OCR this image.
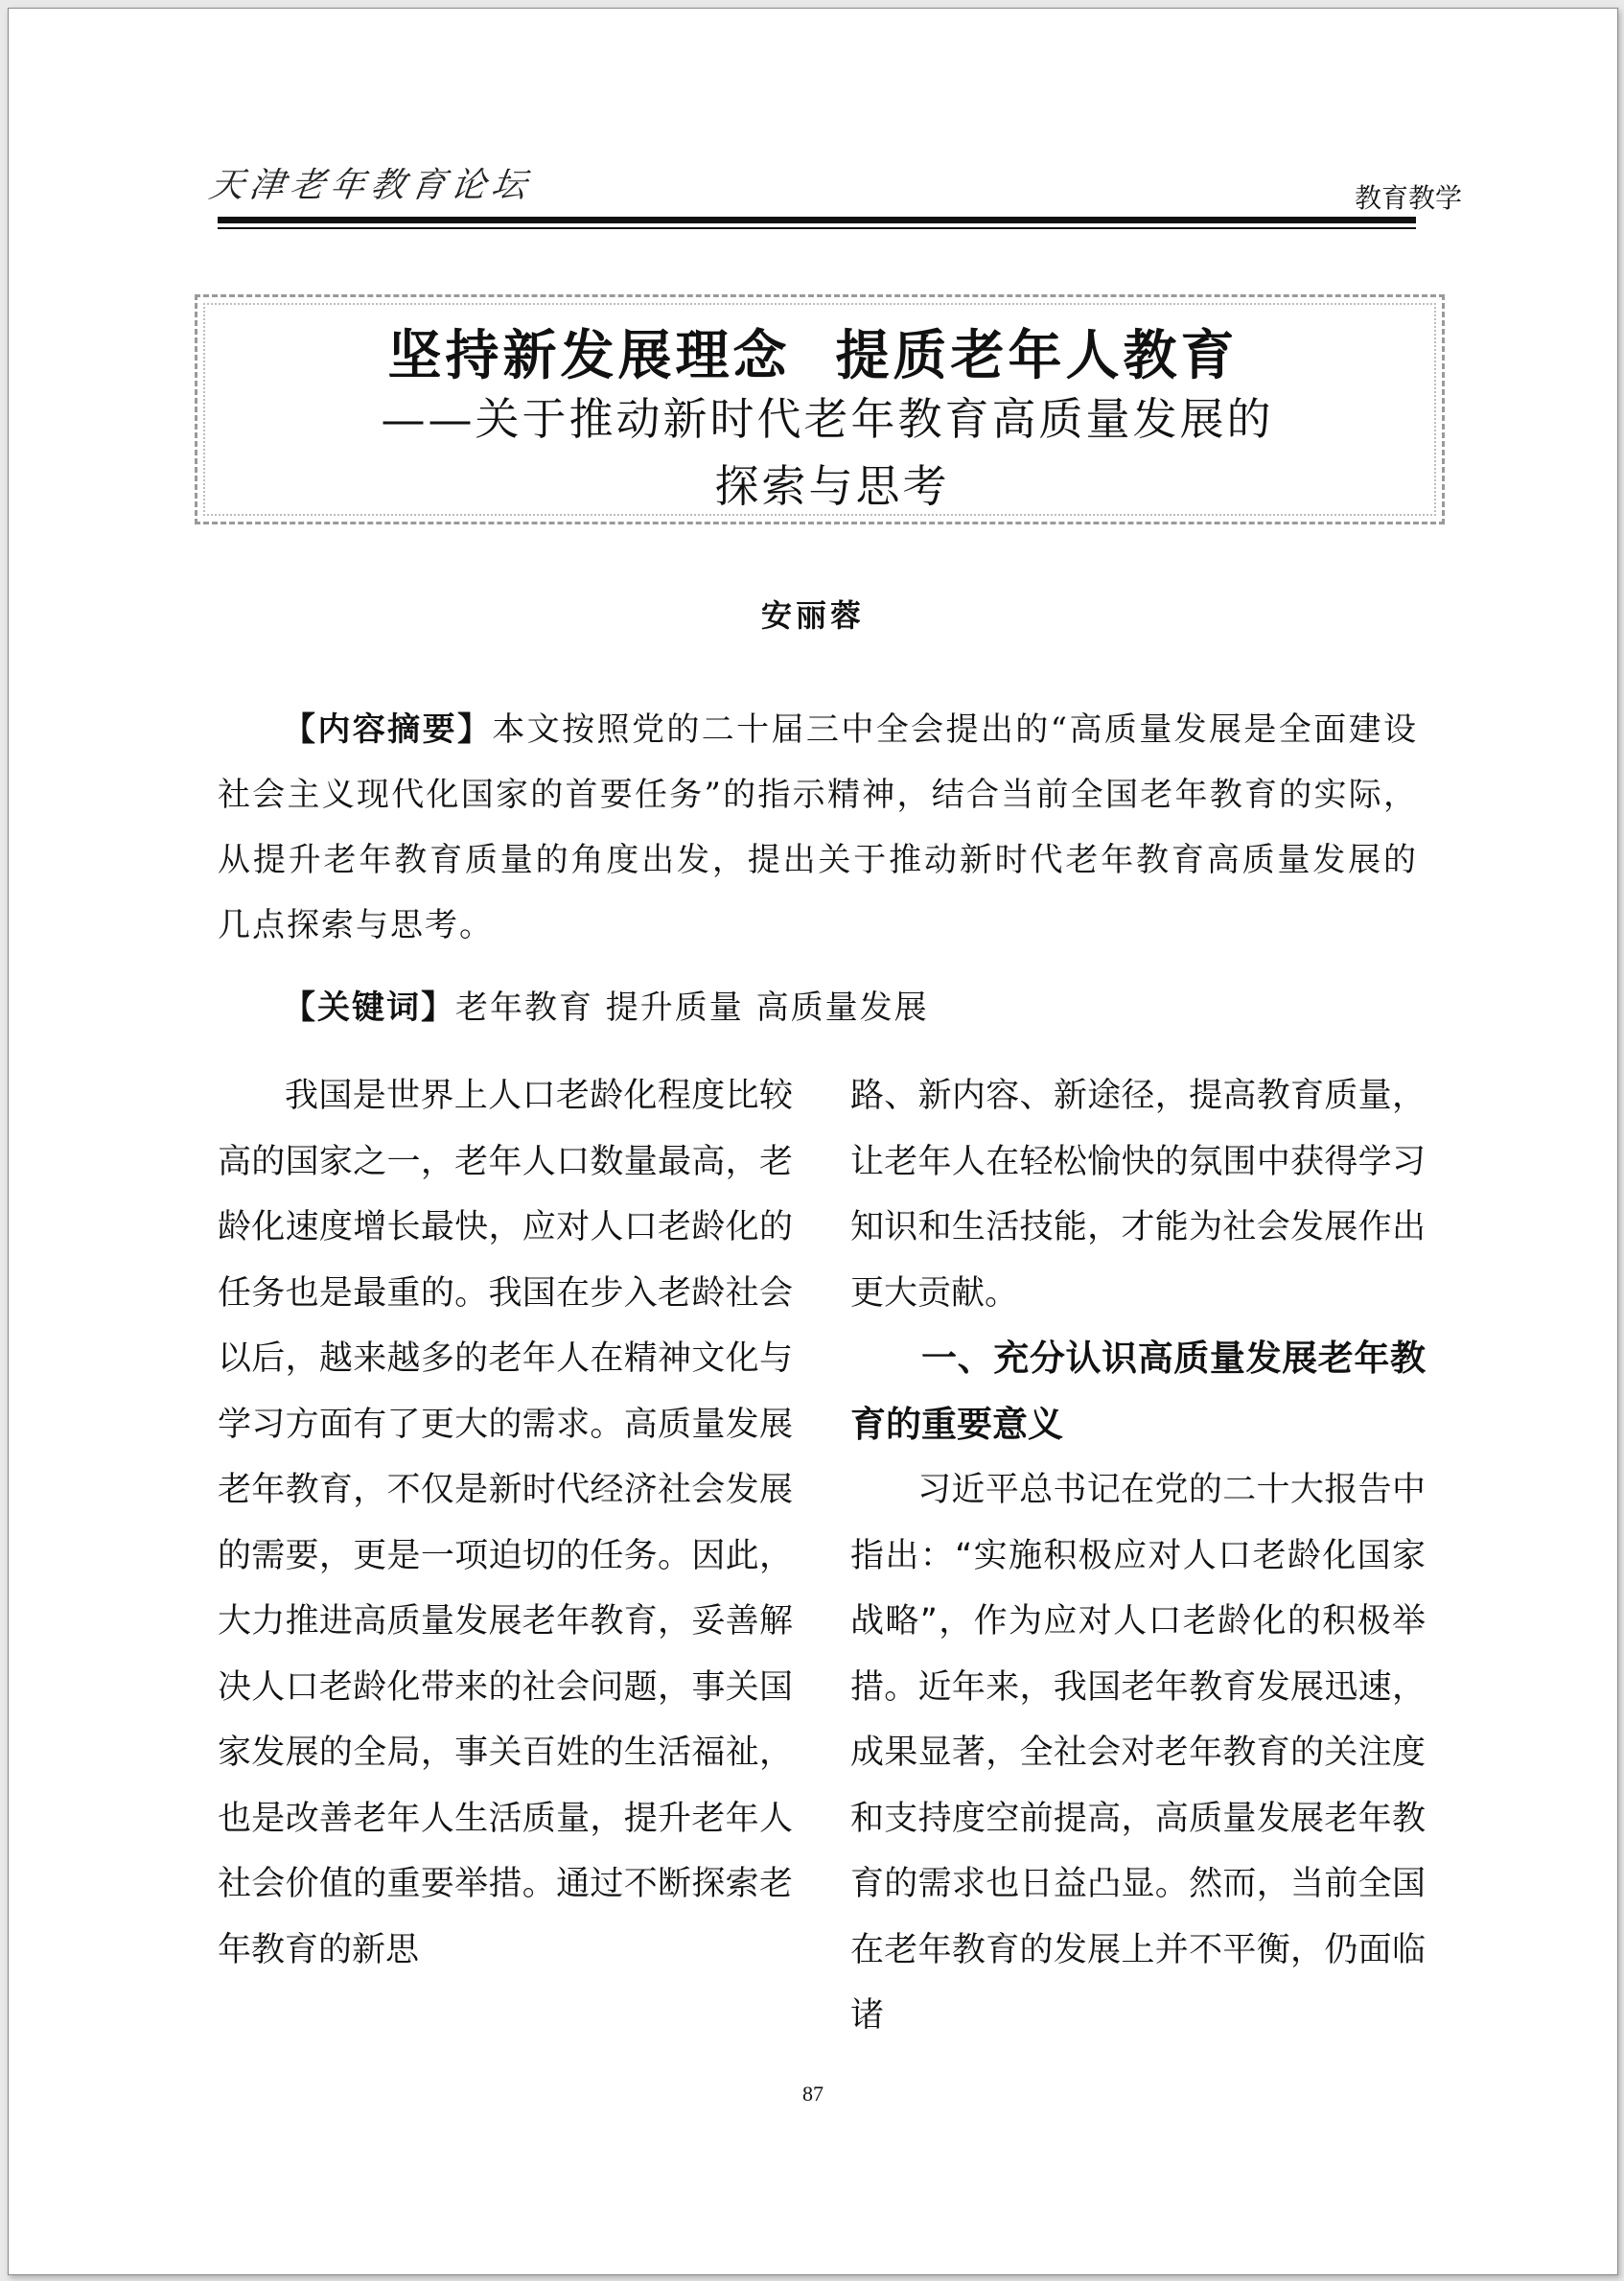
天津老年教育论坛	教育教学
坚持新发展理念  提质老年人教育
——关于推动新时代老年教育高质量发展的
探索与思考
安丽蓉
【内容摘要】本文按照党的二十届三中全会提出的“高质量发展是全面建设社会主义现代化国家的首要任务”的指示精神，结合当前全国老年教育的实际，从提升老年教育质量的角度出发，提出关于推动新时代老年教育高质量发展的几点探索与思考。
【关键词】老年教育 提升质量 高质量发展

我国是世界上人口老龄化程度比较高的国家之一，老年人口数量最高，老龄化速度增长最快，应对人口老龄化的任务也是最重的。我国在步入老龄社会以后，越来越多的老年人在精神文化与学习方面有了更大的需求。高质量发展老年教育，不仅是新时代经济社会发展的需要，更是一项迫切的任务。因此，大力推进高质量发展老年教育，妥善解决人口老龄化带来的社会问题，事关国家发展的全局，事关百姓的生活福祉，也是改善老年人生活质量，提升老年人社会价值的重要举措。通过不断探索老年教育的新思

路、新内容、新途径，提高教育质量，让老年人在轻松愉快的氛围中获得学习知识和生活技能，才能为社会发展作出更大贡献。

一、充分认识高质量发展老年教育的重要意义

习近平总书记在党的二十大报告中指出：“实施积极应对人口老龄化国家战略”，作为应对人口老龄化的积极举措。近年来，我国老年教育发展迅速，成果显著，全社会对老年教育的关注度和支持度空前提高，高质量发展老年教育的需求也日益凸显。然而，当前全国在老年教育的发展上并不平衡，仍面临诸

87
